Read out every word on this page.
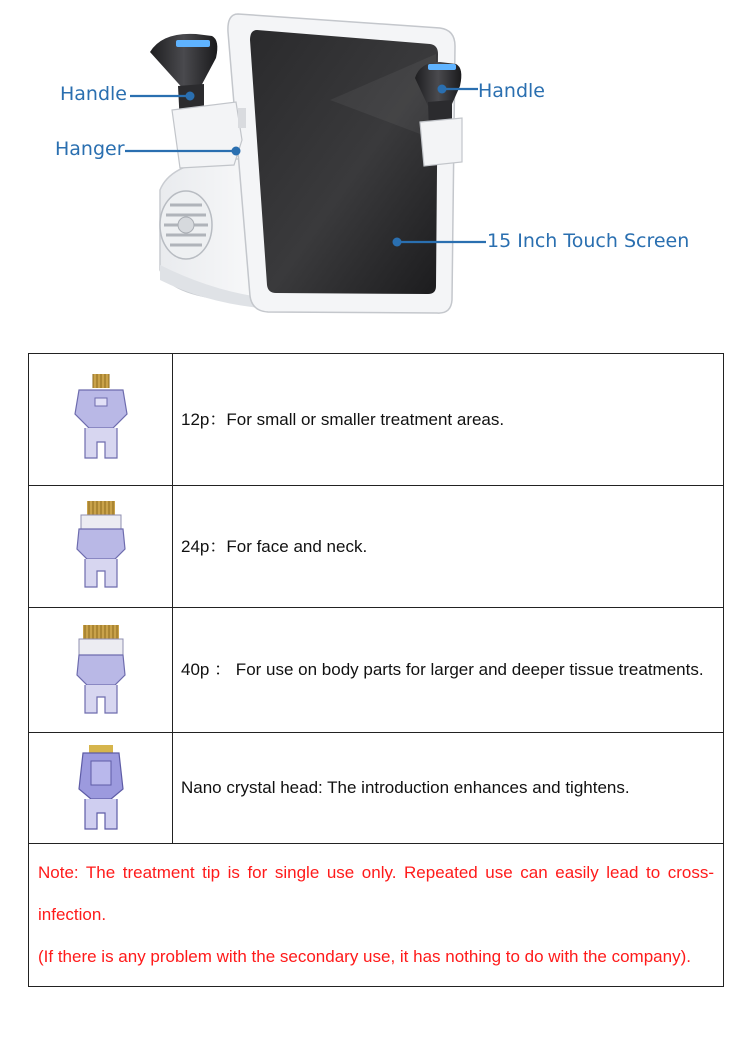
Handle
Hanger
Handle
15 Inch Touch Screen
	12p：For small or smaller treatment areas.

	24p：For face and neck.

	40p ： For use on body parts for larger and deeper tissue treatments.

	Nano crystal head: The introduction enhances and tightens.

Note: The treatment tip is for single use only. Repeated use can easily lead to cross-infection.

(If there is any problem with the secondary use, it has nothing to do with the company).	
